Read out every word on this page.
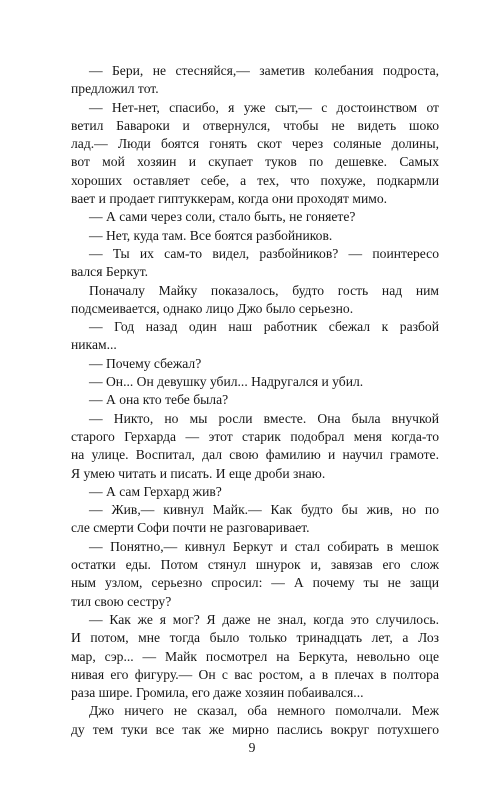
— Бери, не стесняйся,— заметив колебания подроста,
предложил тот.
— Нет-нет, спасибо, я уже сыт,— с достоинством от
ветил Бавароки и отвернулся, чтобы не видеть шоко
лад.— Люди боятся гонять скот через соляные долины,
вот мой хозяин и скупает туков по дешевке. Самых
хороших оставляет себе, а тех, что похуже, подкармли
вает и продает гиптуккерам, когда они проходят мимо.
— А сами через соли, стало быть, не гоняете?
— Нет, куда там. Все боятся разбойников.
— Ты их сам-то видел, разбойников? — поинтересо
вался Беркут.
Поначалу Майку показалось, будто гость над ним
подсмеивается, однако лицо Джо было серьезно.
— Год назад один наш работник сбежал к разбой
никам...
— Почему сбежал?
— Он... Он девушку убил... Надругался и убил.
— А она кто тебе была?
— Никто, но мы росли вместе. Она была внучкой
старого Герхарда — этот старик подобрал меня когда-то
на улице. Воспитал, дал свою фамилию и научил грамоте.
Я умею читать и писать. И еще дроби знаю.
— А сам Герхард жив?
— Жив,— кивнул Майк.— Как будто бы жив, но по
сле смерти Софи почти не разговаривает.
— Понятно,— кивнул Беркут и стал собирать в мешок
остатки еды. Потом стянул шнурок и, завязав его слож
ным узлом, серьезно спросил: — А почему ты не защи
тил свою сестру?
— Как же я мог? Я даже не знал, когда это случилось.
И потом, мне тогда было только тринадцать лет, а Лоз
мар, сэр... — Майк посмотрел на Беркута, невольно оце
нивая его фигуру.— Он с вас ростом, а в плечах в полтора
раза шире. Громила, его даже хозяин побаивался...
Джо ничего не сказал, оба немного помолчали. Меж
ду тем туки все так же мирно паслись вокруг потухшего
9
